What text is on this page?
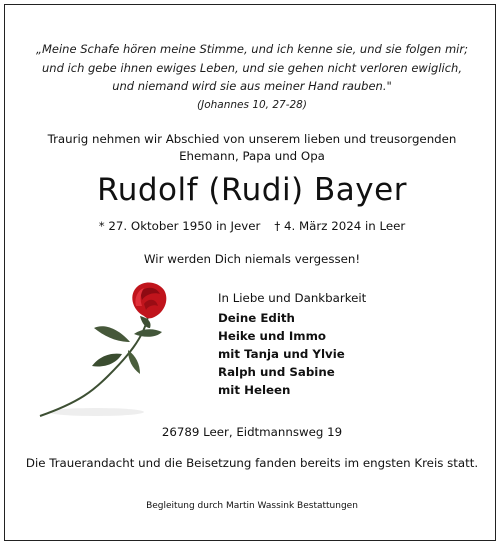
„Meine Schafe hören meine Stimme, und ich kenne sie, und sie folgen mir;
und ich gebe ihnen ewiges Leben, und sie gehen nicht verloren ewiglich,
und niemand wird sie aus meiner Hand rauben."
(Johannes 10, 27-28)
Traurig nehmen wir Abschied von unserem lieben und treusorgenden
Ehemann, Papa und Opa
Rudolf (Rudi) Bayer
* 27. Oktober 1950 in Jever † 4. März 2024 in Leer
Wir werden Dich niemals vergessen!
In Liebe und Dankbarkeit
Deine Edith
Heike und Immo
mit Tanja und Ylvie
Ralph und Sabine
mit Heleen
26789 Leer, Eidtmannsweg 19
Die Trauerandacht und die Beisetzung fanden bereits im engsten Kreis statt.
Begleitung durch Martin Wassink Bestattungen
